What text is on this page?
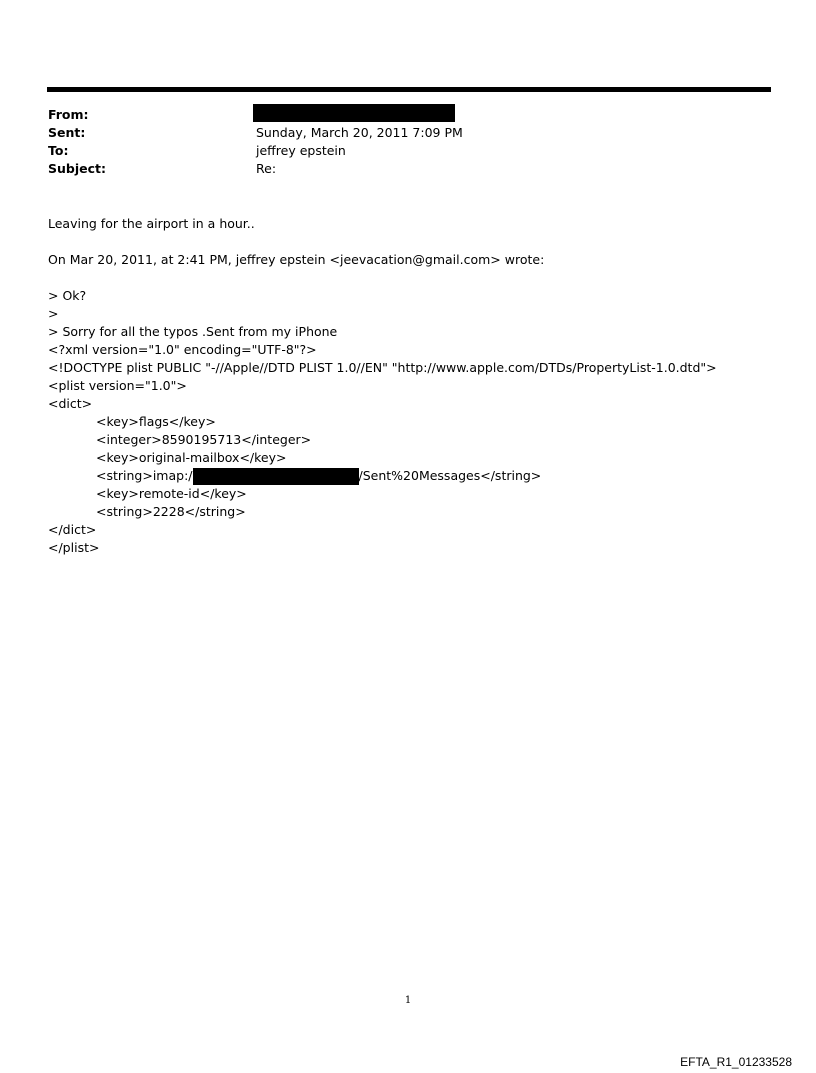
From:
Sent:	Sunday, March 20, 2011 7:09 PM
To:	jeffrey epstein
Subject:	Re:
Leaving for the airport in a hour..
On Mar 20, 2011, at 2:41 PM, jeffrey epstein <jeevacation@gmail.com> wrote:
> Ok?
>
> Sorry for all the typos .Sent from my iPhone
<?xml version="1.0" encoding="UTF-8"?>
<!DOCTYPE plist PUBLIC "-//Apple//DTD PLIST 1.0//EN" "http://www.apple.com/DTDs/PropertyList-1.0.dtd">
<plist version="1.0">
<dict>
<key>flags</key>
<integer>8590195713</integer>
<key>original-mailbox</key>
<string>imap:/	/Sent%20Messages</string>
<key>remote-id</key>
<string>2228</string>
</dict>
</plist>
1
EFTA_R1_01233528
